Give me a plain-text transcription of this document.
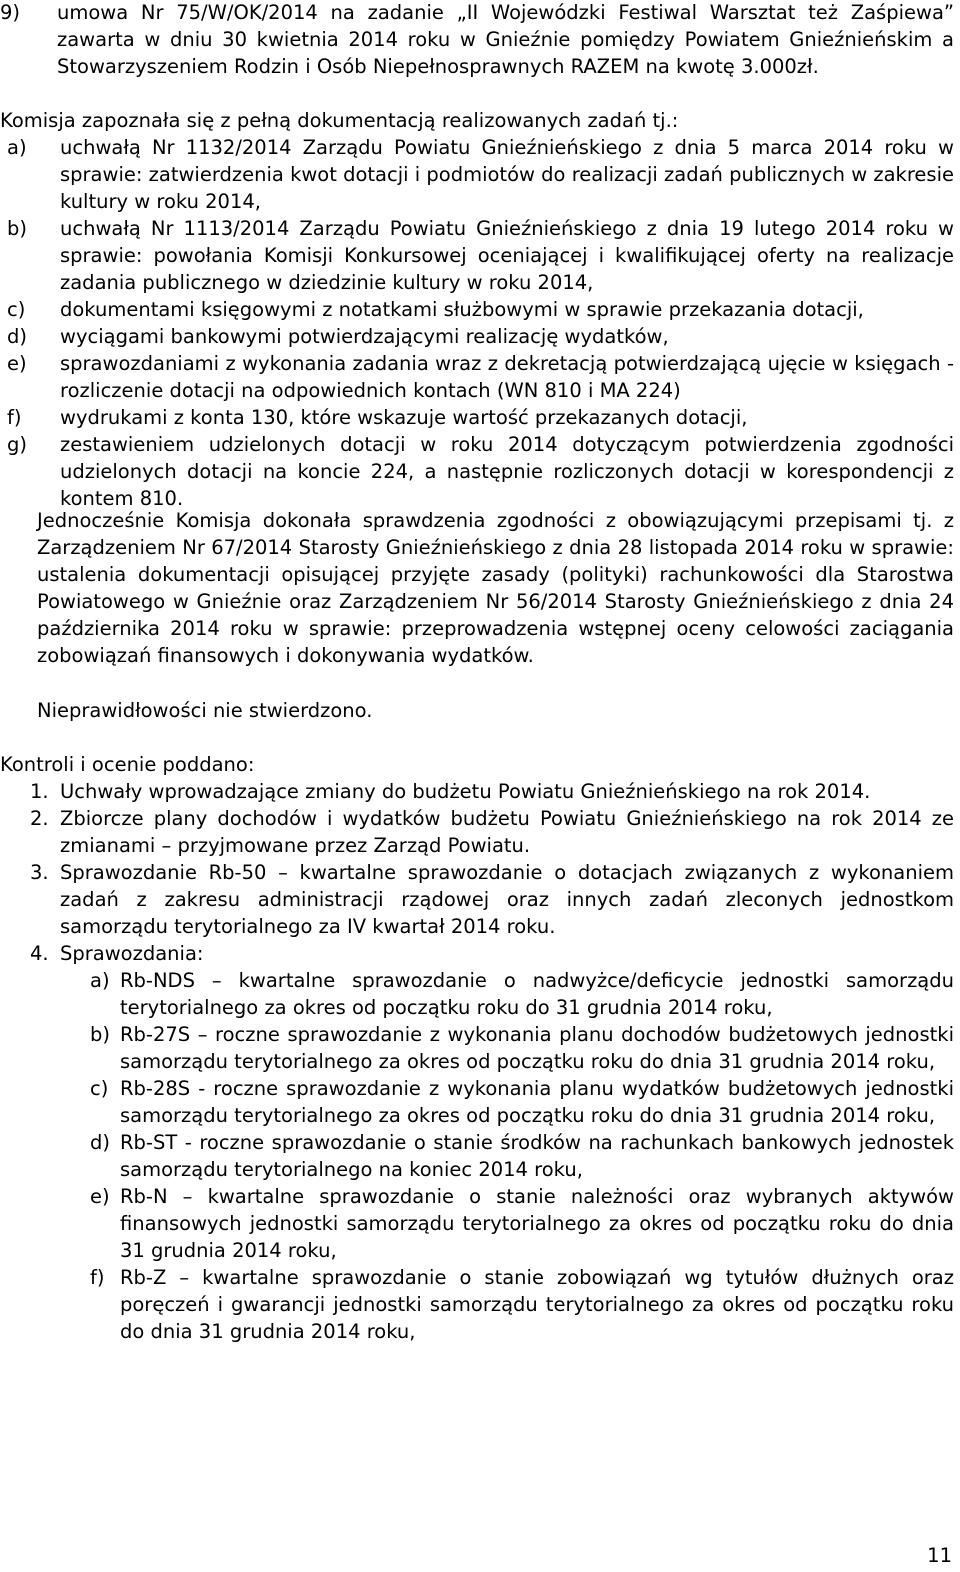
9) umowa Nr 75/W/OK/2014 na zadanie „II Wojewódzki Festiwal Warsztat też Zaśpiewa” zawarta w dniu 30 kwietnia 2014 roku w Gnieźnie pomiędzy Powiatem Gnieźnieńskim a Stowarzyszeniem Rodzin i Osób Niepełnosprawnych RAZEM na kwotę 3.000zł.
Komisja zapoznała się z pełną dokumentacją realizowanych zadań tj.:
a) uchwałą Nr 1132/2014 Zarządu Powiatu Gnieźnieńskiego z dnia 5 marca 2014 roku w sprawie: zatwierdzenia kwot dotacji i podmiotów do realizacji zadań publicznych w zakresie kultury w roku 2014,
b) uchwałą Nr 1113/2014 Zarządu Powiatu Gnieźnieńskiego z dnia 19 lutego 2014 roku w sprawie: powołania Komisji Konkursowej oceniającej i kwalifikującej oferty na realizacje zadania publicznego w dziedzinie kultury w roku 2014,
c) dokumentami księgowymi z notatkami służbowymi w sprawie przekazania dotacji,
d) wyciągami bankowymi potwierdzającymi realizację wydatków,
e) sprawozdaniami z wykonania zadania wraz z dekretacją potwierdzającą ujęcie w księgach - rozliczenie dotacji na odpowiednich kontach (WN 810 i MA 224)
f) wydrukami z konta 130, które wskazuje wartość przekazanych dotacji,
g) zestawieniem udzielonych dotacji w roku 2014 dotyczącym potwierdzenia zgodności udzielonych dotacji na koncie 224, a następnie rozliczonych dotacji w korespondencji z kontem 810.
Jednocześnie Komisja dokonała sprawdzenia zgodności z obowiązującymi przepisami tj. z Zarządzeniem Nr 67/2014 Starosty Gnieźnieńskiego z dnia 28 listopada 2014 roku w sprawie: ustalenia dokumentacji opisującej przyjęte zasady (polityki) rachunkowości dla Starostwa Powiatowego w Gnieźnie oraz Zarządzeniem Nr 56/2014 Starosty Gnieźnieńskiego z dnia 24 października 2014 roku w sprawie: przeprowadzenia wstępnej oceny celowości zaciągania zobowiązań finansowych i dokonywania wydatków.
Nieprawidłowości nie stwierdzono.
Kontroli i ocenie poddano:
1. Uchwały wprowadzające zmiany do budżetu Powiatu Gnieźnieńskiego na rok 2014.
2. Zbiorcze plany dochodów i wydatków budżetu Powiatu Gnieźnieńskiego na rok 2014 ze zmianami – przyjmowane przez Zarząd Powiatu.
3. Sprawozdanie Rb-50 – kwartalne sprawozdanie o dotacjach związanych z wykonaniem zadań z zakresu administracji rządowej oraz innych zadań zleconych jednostkom samorządu terytorialnego za IV kwartał 2014 roku.
4. Sprawozdania:
a) Rb-NDS – kwartalne sprawozdanie o nadwyżce/deficycie jednostki samorządu terytorialnego za okres od początku roku do 31 grudnia 2014 roku,
b) Rb-27S – roczne sprawozdanie z wykonania planu dochodów budżetowych jednostki samorządu terytorialnego za okres od początku roku do dnia 31 grudnia 2014 roku,
c) Rb-28S - roczne sprawozdanie z wykonania planu wydatków budżetowych jednostki samorządu terytorialnego za okres od początku roku do dnia 31 grudnia 2014 roku,
d) Rb-ST - roczne sprawozdanie o stanie środków na rachunkach bankowych jednostek samorządu terytorialnego na koniec 2014 roku,
e) Rb-N – kwartalne sprawozdanie o stanie należności oraz wybranych aktywów finansowych jednostki samorządu terytorialnego za okres od początku roku do dnia 31 grudnia 2014 roku,
f) Rb-Z – kwartalne sprawozdanie o stanie zobowiązań wg tytułów dłużnych oraz poręczeń i gwarancji jednostki samorządu terytorialnego za okres od początku roku do dnia 31 grudnia 2014 roku,
11
